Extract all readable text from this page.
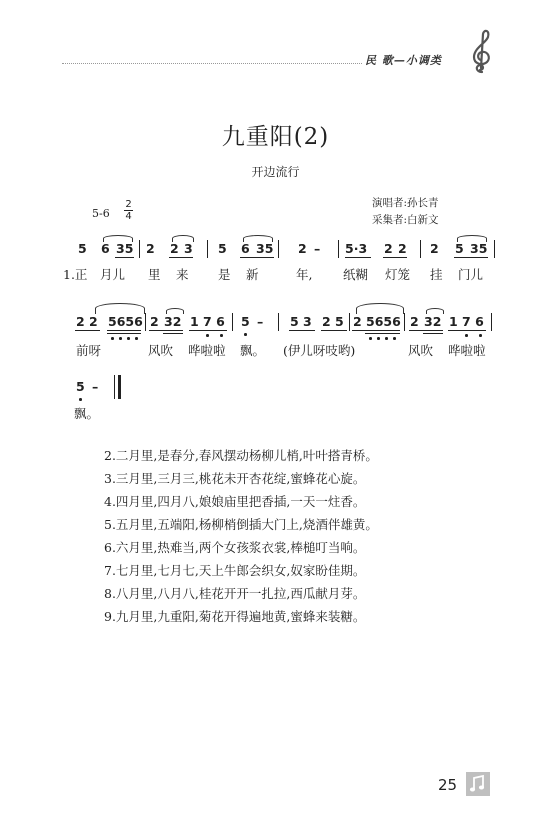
民 歌—小调类
九重阳(2)
开边流行
演唱者:孙长青
采集者:白新文
5-6
2
4
5 6 35 2 2 3 5 6 35 2 – 5·3 2 2 2 5 35
1.正 月儿 里 来 是 新	年, 纸糊 灯笼 挂 门儿
2 2 5656 2 32 1 7 6 5 – 5 3 2 5 2 5656 2 32 1 7 6
前呀	风吹 哗啦啦 飘。 (伊儿呀吱哟)	风吹 哗啦啦
5 –
飘。
2.二月里,是春分,春风摆动杨柳儿梢,叶叶搭青桥。
3.三月里,三月三,桃花未开杏花绽,蜜蜂花心旋。
4.四月里,四月八,娘娘庙里把香插,一天一炷香。
5.五月里,五端阳,杨柳梢倒插大门上,烧酒伴雄黄。
6.六月里,热难当,两个女孩浆衣裳,棒槌叮当响。
7.七月里,七月七,天上牛郎会织女,奴家盼佳期。
8.八月里,八月八,桂花开开一扎拉,西瓜献月芽。
9.九月里,九重阳,菊花开得遍地黄,蜜蜂来装糖。
25
